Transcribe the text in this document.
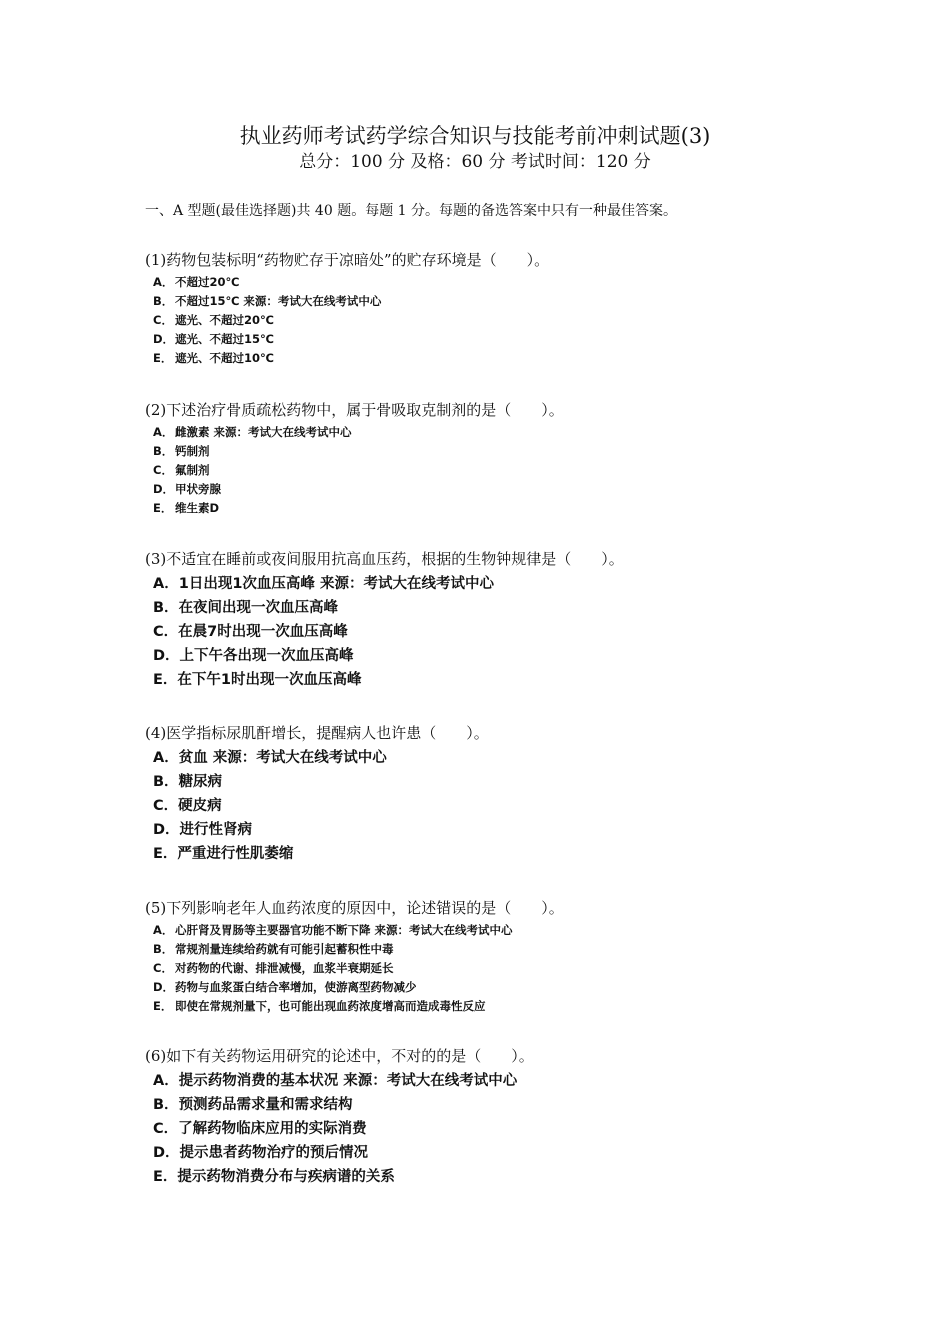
执业药师考试药学综合知识与技能考前冲刺试题(3)
总分：100 分 及格：60 分 考试时间：120 分
一、A 型题(最佳选择题)共 40 题。每题 1 分。每题的备选答案中只有一种最佳答案。
(1)药物包装标明“药物贮存于凉暗处”的贮存环境是（　　）。
A． 不超过20℃
B． 不超过15℃ 来源：考试大在线考试中心
C． 遮光、不超过20℃
D．遮光、不超过15℃
E． 遮光、不超过10℃
(2)下述治疗骨质疏松药物中，属于骨吸取克制剂的是（　　）。
A． 雌激素 来源：考试大在线考试中心
B． 钙制剂
C． 氟制剂
D．甲状旁腺
E． 维生素D
(3)不适宜在睡前或夜间服用抗高血压药，根据的生物钟规律是（　　）。
A．1日出现1次血压高峰 来源：考试大在线考试中心
B．在夜间出现一次血压高峰
C．在晨7时出现一次血压高峰
D．上下午各出现一次血压高峰
E．在下午1时出现一次血压高峰
(4)医学指标尿肌酐增长，提醒病人也许患（　　）。
A．贫血 来源：考试大在线考试中心
B．糖尿病
C．硬皮病
D．进行性肾病
E．严重进行性肌萎缩
(5)下列影响老年人血药浓度的原因中，论述错误的是（　　）。
A． 心肝肾及胃肠等主要器官功能不断下降 来源：考试大在线考试中心
B． 常规剂量连续给药就有可能引起蓄积性中毒
C． 对药物的代谢、排泄减慢，血浆半衰期延长
D．药物与血浆蛋白结合率增加，使游离型药物减少
E． 即使在常规剂量下，也可能出现血药浓度增高而造成毒性反应
(6)如下有关药物运用研究的论述中，不对的的是（　　）。
A．提示药物消费的基本状况 来源：考试大在线考试中心
B．预测药品需求量和需求结构
C．了解药物临床应用的实际消费
D．提示患者药物治疗的预后情况
E．提示药物消费分布与疾病谱的关系
